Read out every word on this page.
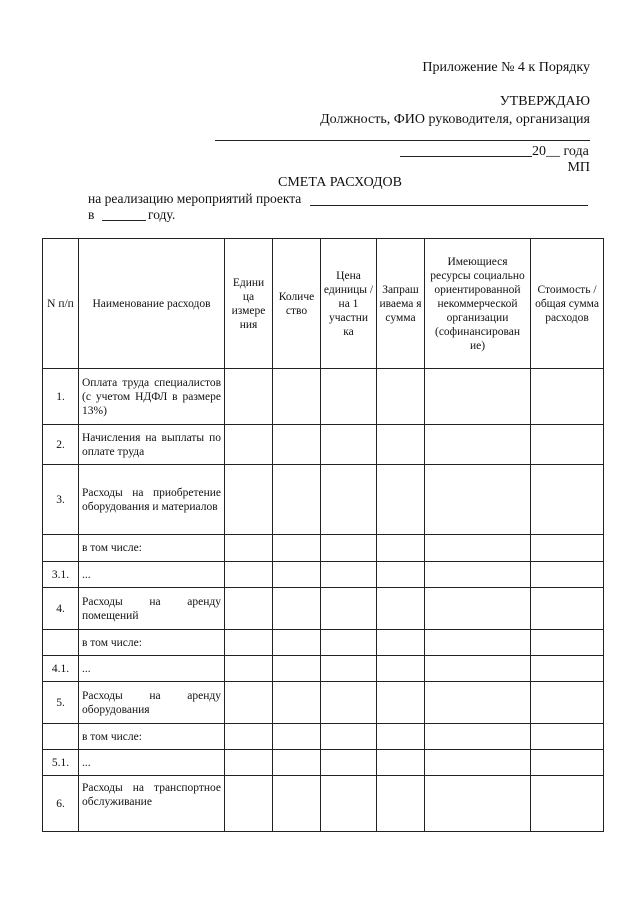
Приложение № 4 к Порядку
УТВЕРЖДАЮ
Должность, ФИО руководителя, организация
20__ года
МП
СМЕТА РАСХОДОВ
на реализацию мероприятий проекта
в	году.
N п/п	Наименование расходов	Едини ца измере ния	Количе ство	Цена единицы / на 1 участни ка	Запраш иваема я сумма	Имеющиеся ресурсы социально ориентированной некоммерческой организации (софинансирован ие)	Стоимость / общая сумма расходов
1.	Оплата труда специалистов (с учетом НДФЛ в размере 13%)						
2.	Начисления на выплаты по оплате труда						
3.	Расходы на приобретение оборудования и материалов						
	в том числе:						
3.1.	...						
4.	Расходы на аренду помещений						
	в том числе:						
4.1.	...						
5.	Расходы на аренду оборудования						
	в том числе:						
5.1.	...						
6.	Расходы на транспортное обслуживание						
